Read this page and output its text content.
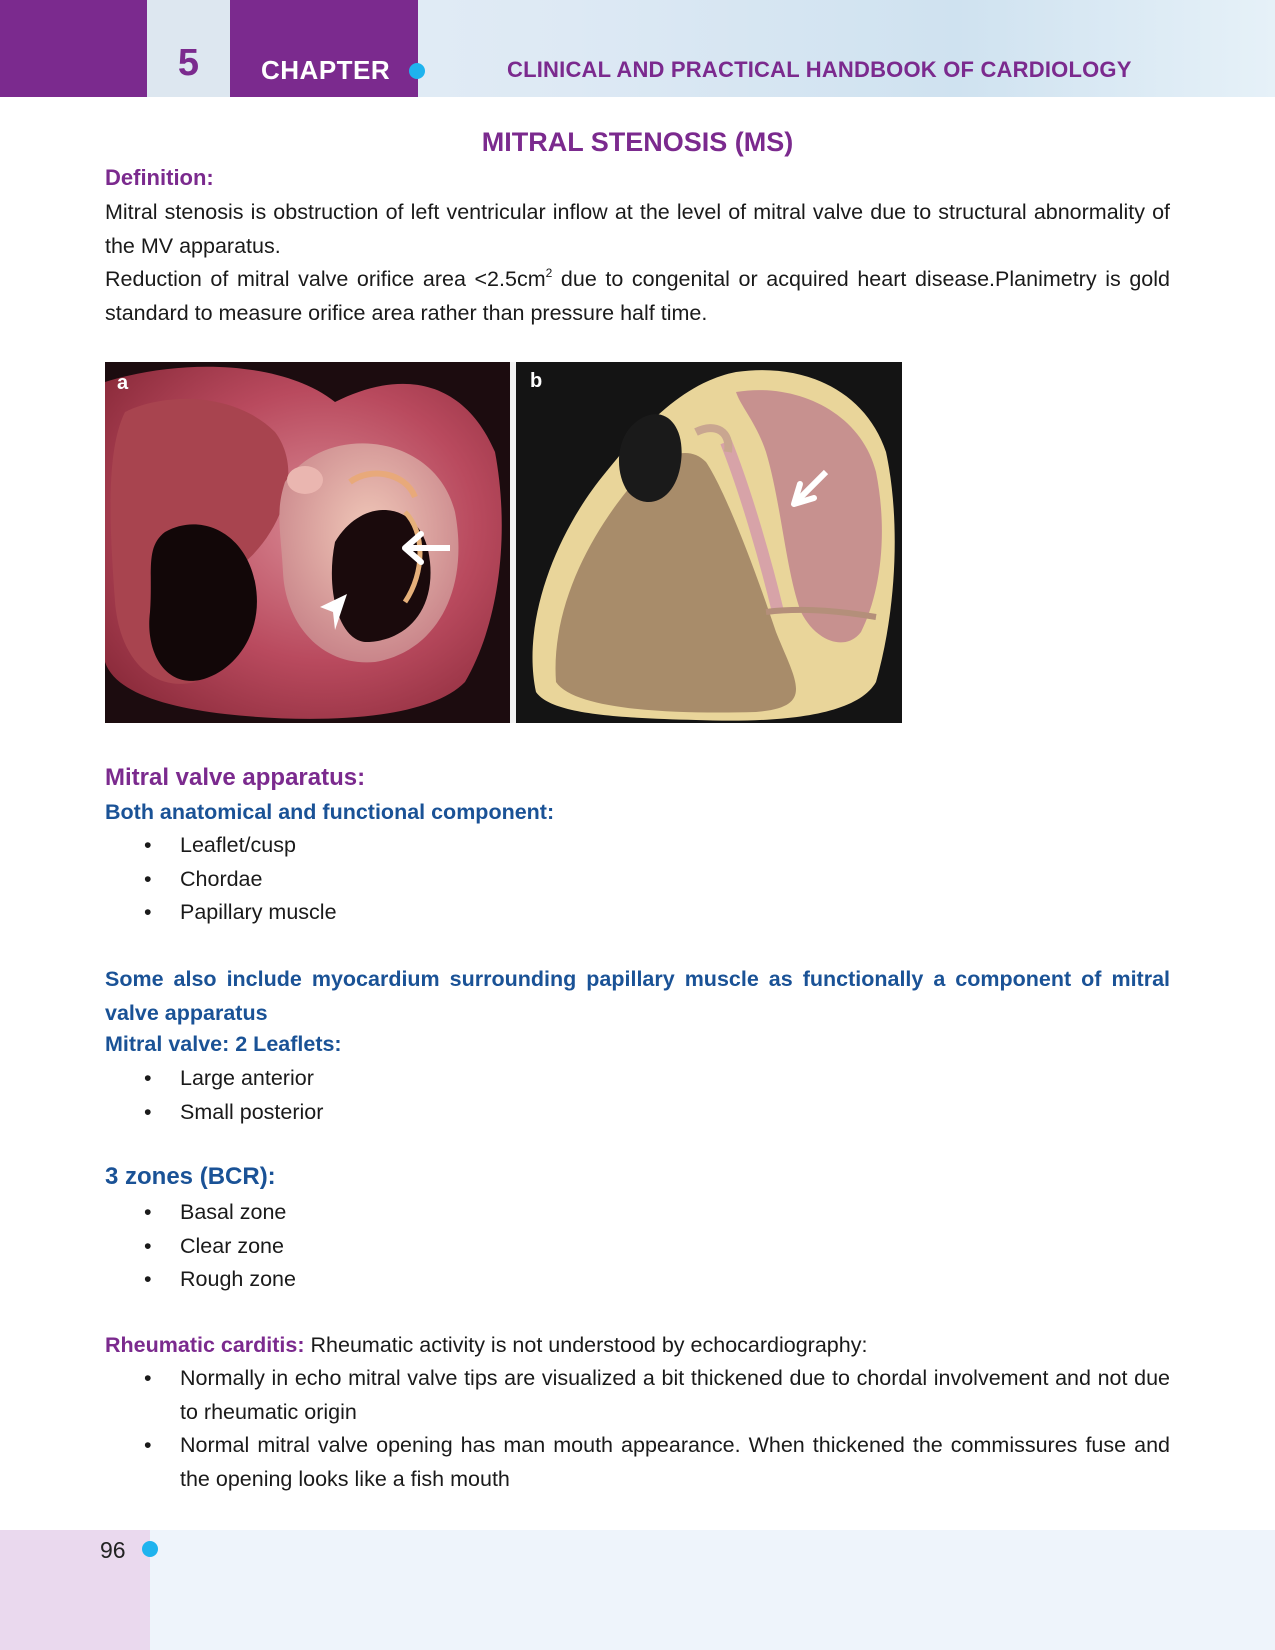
5	CHAPTER	CLINICAL AND PRACTICAL HANDBOOK OF CARDIOLOGY
MITRAL STENOSIS (MS)
Definition:

Mitral stenosis is obstruction of left ventricular inflow at the level of mitral valve due to structural abnormality of the MV apparatus.

Reduction of mitral valve orifice area $<2.5cm^2$ due to congenital or acquired heart disease.Planimetry is gold standard to measure orifice area rather than pressure half time.

a	b
Mitral valve apparatus:
Both anatomical and functional component:
• Leaflet/cusp
• Chordae
• Papillary muscle

Some also include myocardium surrounding papillary muscle as functionally a component of mitral valve apparatus

Mitral valve: 2 Leaflets:
• Large anterior
• Small posterior
3 zones (BCR):
• Basal zone
• Clear zone
• Rough zone

Rheumatic carditis: Rheumatic activity is not understood by echocardiography:

• Normally in echo mitral valve tips are visualized a bit thickened due to chordal involvement and not due to rheumatic origin
• Normal mitral valve opening has man mouth appearance. When thickened the commissures fuse and the opening looks like a fish mouth
96
